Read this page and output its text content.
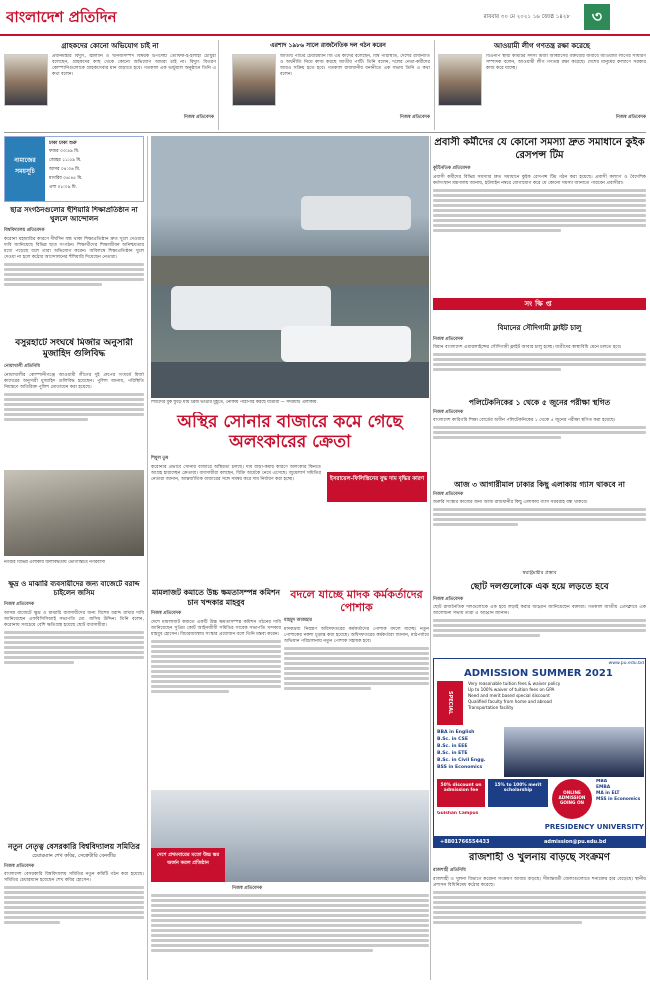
বাংলাদেশ প্রতিদিন	রবিবার ৩০ মে ২০২১ ১৬ জ্যৈষ্ঠ ১৪২৮	৩
গ্রাহকদের কোনো অভিযোগ চাই না
প্রধানমন্ত্রীর বিদ্যুৎ, জ্বালানি ও খনিজসম্পদ বিষয়ক উপদেষ্টা তৌফিক-ই-ইলাহী চৌধুরী বলেছেন, গ্রাহকদের কাছ থেকে কোনো অভিযোগ আমরা চাই না। বিদ্যুৎ বিতরণ কোম্পানিগুলোকে গ্রাহকসেবার মান বাড়াতে হবে। গতকাল এক ভার্চুয়াল অনুষ্ঠানে তিনি এ কথা বলেন।
নিজস্ব প্রতিবেদক
এরশাদ ১৯৮৬ সালে রাজনৈতিক দল গঠন করেন
জাতীয় পার্টির চেয়ারম্যান জি এম কাদের বলেছেন, বিশ্ব পরিস্থিতি, দেশের রাজনীতি ও অর্থনীতি নিয়ে কাজ করছে জাতীয় পার্টি। তিনি বলেন, দলের নেতা-কর্মীদের আরও সক্রিয় হতে হবে। গতকাল রাজধানীর বনানীতে এক সভায় তিনি এ কথা বলেন।
নিজস্ব প্রতিবেদক
আওয়ামী লীগ গণতন্ত্র রক্ষা করেছে
বিএনপি স্থায়ী কমিটির সদস্য মির্জা আব্বাসের বক্তব্যের জবাবে আওয়ামী লীগের সাধারণ সম্পাদক বলেন, আওয়ামী লীগ গণতন্ত্র রক্ষা করেছে। দেশের মানুষের কল্যাণে সরকার কাজ করে যাচ্ছে।
নিজস্ব প্রতিবেদক
নামাজের সময়সূচি
ঢাকা ঢাকা শুরু
ফজর ০৩:৪৯ মি.
জোহর ১১:৫৯ মি.
আসর ০৪:৩৬ মি.
মাগরিব ০৬:৪৫ মি.
এশা ০৮:০৯ মি.
ছাত্র সংগঠনগুলোর হুঁশিয়ারি শিক্ষাপ্রতিষ্ঠান না খুললে আন্দোলন
বিশ্ববিদ্যালয় প্রতিবেদক
করোনা মহামারির কারণে দীর্ঘদিন বন্ধ থাকা শিক্ষাপ্রতিষ্ঠান দ্রুত খুলে দেওয়ার দাবি জানিয়েছে বিভিন্ন ছাত্র সংগঠন। শিক্ষার্থীদের শিক্ষাজীবন অনিশ্চয়তার মধ্যে পড়েছে বলে তারা অভিযোগ করেন। অবিলম্বে শিক্ষাপ্রতিষ্ঠান খুলে দেওয়া না হলে কঠোর আন্দোলনের হুঁশিয়ারি দিয়েছেন নেতারা।
বসুরহাটে সংঘর্ষে মির্জার অনুসারী মুজাহিদ গুলিবিদ্ধ
নোয়াখালী প্রতিনিধি
নোয়াখালীর কোম্পানীগঞ্জে আওয়ামী লীগের দুই গ্রুপের সংঘর্ষে মির্জা কাদেরের অনুসারী মুজাহিদ গুলিবিদ্ধ হয়েছেন। পুলিশ জানায়, পরিস্থিতি নিয়ন্ত্রণে অতিরিক্ত পুলিশ মোতায়েন করা হয়েছে।
নগরীর বিভিন্ন এলাকায় জলাবদ্ধতায় ভোগান্তিতে নগরবাসী
ক্ষুদ্র ও মাঝারি ব্যবসায়ীদের জন্য বাজেটে বরাদ্দ চাইলেন জসিম
নিজস্ব প্রতিবেদক
আসন্ন বাজেটে ক্ষুদ্র ও মাঝারি ব্যবসায়ীদের জন্য বিশেষ বরাদ্দ রাখার দাবি জানিয়েছেন এফবিসিসিআই সভাপতি মো. জসিম উদ্দিন। তিনি বলেন, করোনায় সবচেয়ে বেশি ক্ষতিগ্রস্ত হয়েছে ছোট ব্যবসায়ীরা।
নতুন নেতৃত্ব বেসরকারি বিশ্ববিদ্যালয় সমিতির
চেয়ারম্যান শেখ কবির, সেক্রেটারি বেনজীর
নিজস্ব প্রতিবেদক
বাংলাদেশ বেসরকারি বিশ্ববিদ্যালয় সমিতির নতুন কমিটি গঠন করা হয়েছে। সমিতির চেয়ারম্যান হয়েছেন শেখ কবির হোসেন।
শিশুদের বুক ফুঁড়ে যায় ব্রিজ ভাঙার মুহূর্তে, নৌকায় পারাপার করছে যাত্রীরা — সদরঘাট এলাকায়
প্রবাসী কর্মীদের যে কোনো সমস্যা দ্রুত সমাধানে কুইক রেসপন্স টিম
কূটনৈতিক প্রতিবেদক
প্রবাসী কর্মীদের বিভিন্ন সমস্যার দ্রুত সমাধানে কুইক রেসপন্স টিম গঠন করা হয়েছে। প্রবাসী কল্যাণ ও বৈদেশিক কর্মসংস্থান মন্ত্রণালয় জানায়, হটলাইন নম্বরে যোগাযোগ করে যে কোনো সমস্যা জানাতে পারবেন প্রবাসীরা।
সংক্ষিপ্ত
বিমানের সৌদিগামী ফ্লাইট চালু
নিজস্ব প্রতিবেদক
বিমান বাংলাদেশ এয়ারলাইন্সের সৌদিগামী ফ্লাইট আবার চালু হচ্ছে। যাত্রীদের স্বাস্থ্যবিধি মেনে চলতে হবে।
পলিটেকনিকের ১ থেকে ৫ জুনের পরীক্ষা স্থগিত
নিজস্ব প্রতিবেদক
বাংলাদেশ কারিগরি শিক্ষা বোর্ডের অধীন পলিটেকনিকের ১ থেকে ৫ জুনের পরীক্ষা স্থগিত করা হয়েছে।
আজ ৩ আগারীমাল ঢাকার কিছু এলাকায় গ্যাস থাকবে না
নিজস্ব প্রতিবেদক
জরুরি সংস্কার কাজের জন্য আজ রাজধানীর কিছু এলাকায় গ্যাস সরবরাহ বন্ধ থাকবে।
স্বরাষ্ট্রমন্ত্রীর প্রস্তাব
ছোট দলগুলোকে এক হয়ে লড়তে হবে
নিজস্ব প্রতিবেদক
ছোট রাজনৈতিক দলগুলোকে এক হয়ে লড়াই করার আহ্বান জানিয়েছেন বক্তারা। গতকাল জাতীয় প্রেসক্লাবে এক আলোচনা সভায় তারা এ আহ্বান জানান।
www.pu.edu.bd
ADMISSION SUMMER 2021
SPECIAL
Very reasonable tuition fees & waiver policy
Up to 100% waiver of tuition fees on GPA
Need and merit based special discount
Qualified faculty from home and abroad
Transportation facility
BBA in English
B.Sc. in CSE
B.Sc. in EEE
B.Sc. in ETE
B.Sc. in Civil Engg.
BSS in Economics
50% discount on admission fee
15% to 100% merit scholarship	ONLINE ADMISSION GOING ON
MBA
EMBA
MA in ELT
MSS in Economics
Gulshan Campus
PRESIDENCY UNIVERSITY
+8801766554433	admission@pu.edu.bd
রাজশাহী ও খুলনায় বাড়ছে সংক্রমণ
রাজশাহী প্রতিনিধি
রাজশাহী ও খুলনা বিভাগে করোনা সংক্রমণ আবার বাড়ছে। সীমান্তবর্তী জেলাগুলোতে শনাক্তের হার বেড়েছে। স্থানীয় প্রশাসন বিধিনিষেধ কঠোর করেছে।
অস্থির সোনার বাজারে কমে গেছে অলংকারের ক্রেতা
শিমুল তুষ
করোনার প্রভাবে সোনার বাজারে অস্থিরতা চলছে। দাম বাড়া-কমার কারণে অলংকার কিনতে আগ্রহ হারাচ্ছেন ক্রেতারা। ব্যবসায়ীরা বলছেন, বিক্রি অর্ধেকে নেমে এসেছে। জুয়েলার্স সমিতির নেতারা জানান, আন্তর্জাতিক বাজারের সঙ্গে সমন্বয় করে দাম নির্ধারণ করা হচ্ছে।	ইসরায়েল-ফিলিস্তিনের যুদ্ধ দাম বৃদ্ধির কারণ
মামলাজট কমাতে উচ্চ ক্ষমতাসম্পন্ন কমিশন চান খন্দকার মাহবুব
নিজস্ব প্রতিবেদক
দেশে মামলাজট কমাতে একটি উচ্চ ক্ষমতাসম্পন্ন কমিশন গঠনের দাবি জানিয়েছেন সুপ্রিম কোর্ট আইনজীবী সমিতির সাবেক সভাপতি খন্দকার মাহবুব হোসেন। বিচারব্যবস্থায় সংস্কার প্রয়োজন বলে তিনি মন্তব্য করেন।
বদলে যাচ্ছে মাদক কর্মকর্তাদের পোশাক
মাহমুদ আজহার
মাদকদ্রব্য নিয়ন্ত্রণ অধিদফতরের কর্মকর্তাদের পোশাক বদলে যাচ্ছে। নতুন পোশাকের নকশা চূড়ান্ত করা হয়েছে। অধিদফতরের কর্মকর্তারা জানান, মাঠপর্যায়ে অভিযান পরিচালনায় নতুন পোশাক সহায়ক হবে।
দেশে প্রথমবারের মতো উচ্চ স্তর অর্জন করল প্রতিষ্ঠান
নিজস্ব প্রতিবেদক
